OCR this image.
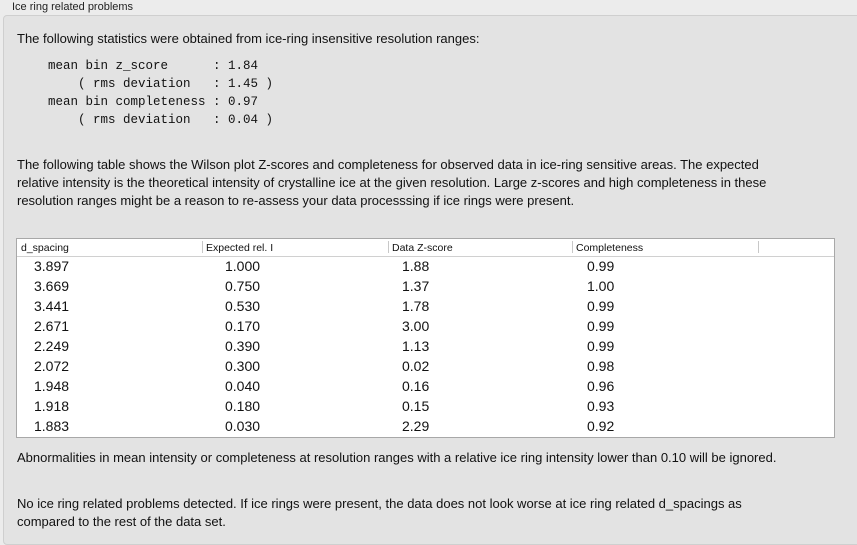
Ice ring related problems
The following statistics were obtained from ice-ring insensitive resolution ranges:
mean bin z_score      : 1.84
( rms deviation   : 1.45 )
mean bin completeness : 0.97
( rms deviation   : 0.04 )
The following table shows the Wilson plot Z-scores and completeness for observed data in ice-ring sensitive areas. The expected relative intensity is the theoretical intensity of crystalline ice at the given resolution. Large z-scores and high completeness in these resolution ranges might be a reason to re-assess your data processsing if ice rings were present.
d_spacing	Expected rel. I	Data Z-score	Completeness
3.897	1.000	1.88	0.99
3.669	0.750	1.37	1.00
3.441	0.530	1.78	0.99
2.671	0.170	3.00	0.99
2.249	0.390	1.13	0.99
2.072	0.300	0.02	0.98
1.948	0.040	0.16	0.96
1.918	0.180	0.15	0.93
1.883	0.030	2.29	0.92
Abnormalities in mean intensity or completeness at resolution ranges with a relative ice ring intensity lower than 0.10 will be ignored.
No ice ring related problems detected. If ice rings were present, the data does not look worse at ice ring related d_spacings as compared to the rest of the data set.
